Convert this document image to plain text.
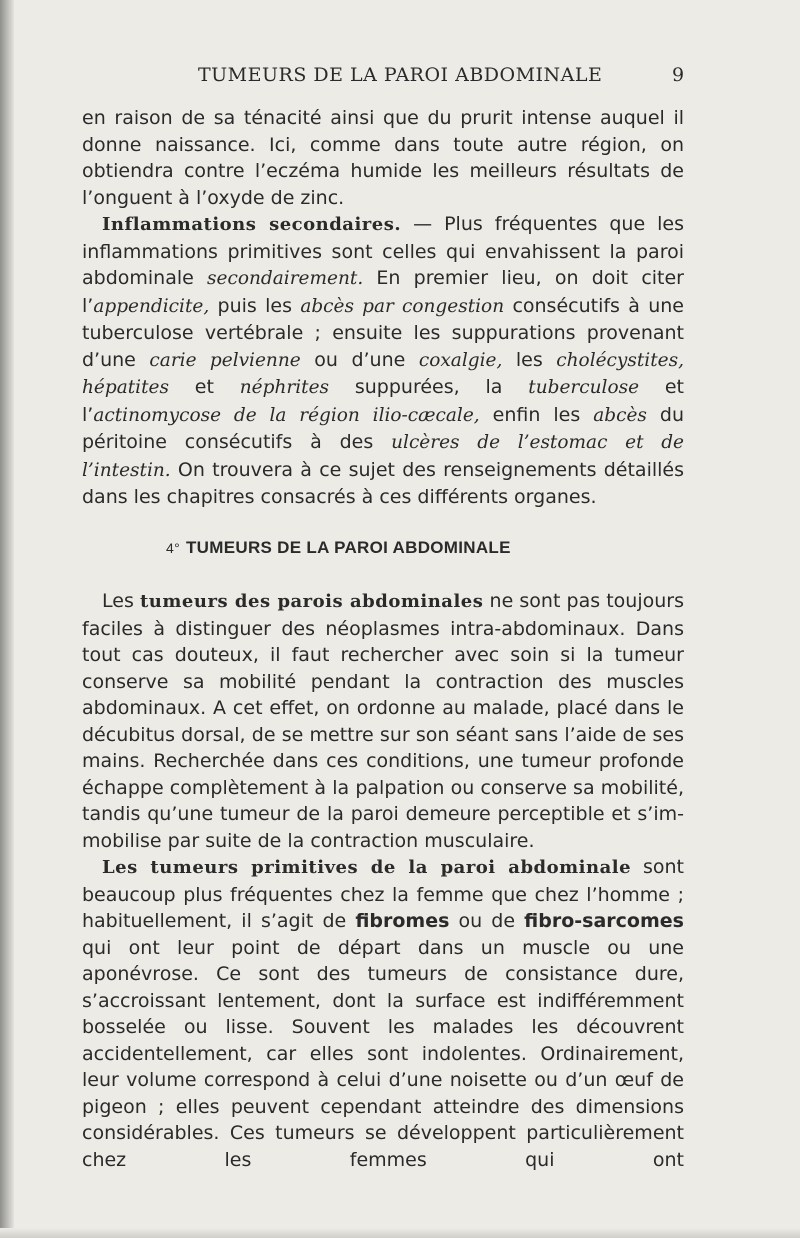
TUMEURS DE LA PAROI ABDOMINALE	9

en raison de sa ténacité ainsi que du prurit intense auquel il donne naissance. Ici, comme dans toute autre région, on obtiendra contre l’eczéma humide les meilleurs résultats de l’onguent à l’oxyde de zinc.

Inflammations secondaires. — Plus fréquentes que les inflammations primitives sont celles qui envahissent la paroi abdominale secondairement. En premier lieu, on doit citer l’appendicite, puis les abcès par congestion consécutifs à une tuberculose vertébrale ; ensuite les suppurations provenant d’une carie pelvienne ou d’une coxalgie, les cholécystites, hépatites et néphrites suppurées, la tuberculose et l’actinomycose de la région ilio-cæcale, enfin les abcès du péritoine consécutifs à des ulcères de l’estomac et de l’intestin. On trouvera à ce sujet des renseignements détaillés dans les chapitres consacrés à ces différents organes.

4° TUMEURS DE LA PAROI ABDOMINALE

Les tumeurs des parois abdominales ne sont pas toujours faciles à distinguer des néoplasmes intra-abdominaux. Dans tout cas douteux, il faut rechercher avec soin si la tumeur conserve sa mobilité pendant la contraction des muscles abdominaux. A cet effet, on ordonne au malade, placé dans le décubitus dorsal, de se mettre sur son séant sans l’aide de ses mains. Recherchée dans ces conditions, une tumeur profonde échappe complètement à la palpation ou conserve sa mobilité, tandis qu’une tumeur de la paroi demeure perceptible et s’immobilise par suite de la contraction musculaire.

Les tumeurs primitives de la paroi abdominale sont beaucoup plus fréquentes chez la femme que chez l’homme ; habituellement, il s’agit de fibromes ou de fibro-sarcomes qui ont leur point de départ dans un muscle ou une aponévrose. Ce sont des tumeurs de consistance dure, s’accroissant lentement, dont la surface est indifféremment bosselée ou lisse. Souvent les malades les découvrent accidentellement, car elles sont indolentes. Ordinairement, leur volume correspond à celui d’une noisette ou d’un œuf de pigeon ; elles peuvent cependant atteindre des dimensions considérables. Ces tumeurs se développent particulièrement chez les femmes qui ont
